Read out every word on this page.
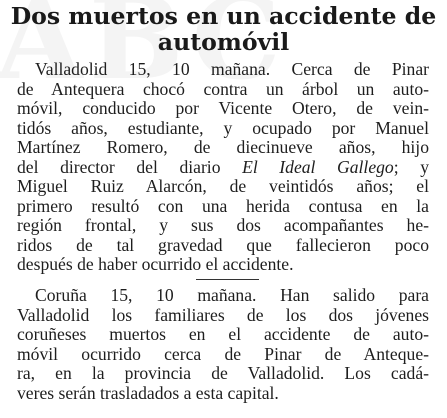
Dos muertos en un accidente de
automóvil

Valladolid 15, 10 mañana. Cerca de Pinar
de Antequera chocó contra un árbol un auto-
móvil, conducido por Vicente Otero, de vein-
tidós años, estudiante, y ocupado por Manuel
Martínez Romero, de diecinueve años, hijo
del director del diario El Ideal Gallego; y
Miguel Ruiz Alarcón, de veintidós años; el
primero resultó con una herida contusa en la
región frontal, y sus dos acompañantes he-
ridos de tal gravedad que fallecieron poco
después de haber ocurrido el accidente.

Coruña 15, 10 mañana. Han salido para
Valladolid los familiares de los dos jóvenes
coruñeses muertos en el accidente de auto-
móvil ocurrido cerca de Pinar de Anteque-
ra, en la provincia de Valladolid. Los cadá-
veres serán trasladados a esta capital.
